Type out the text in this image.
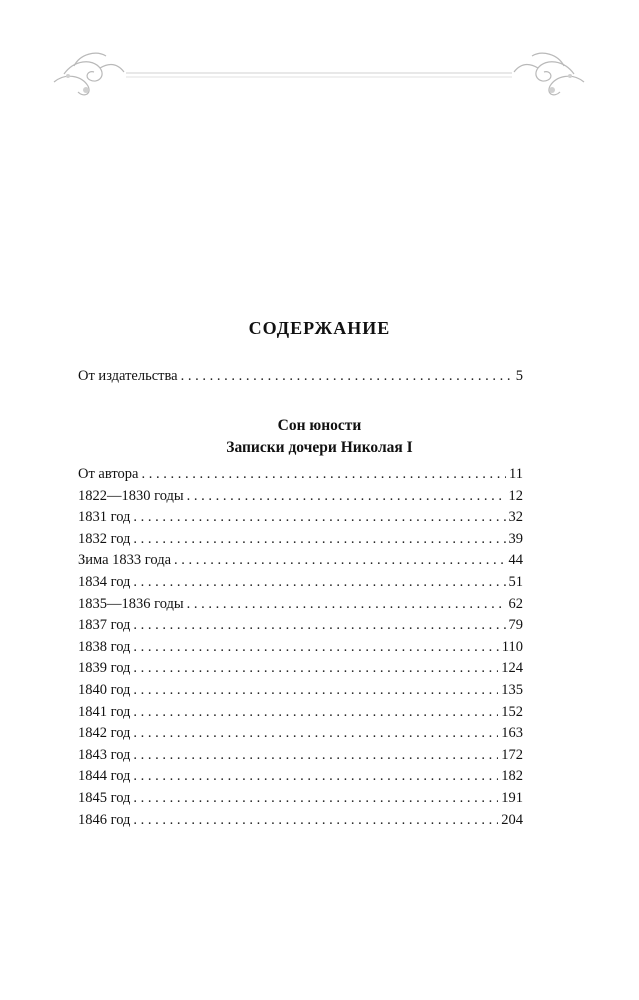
СОДЕРЖАНИЕ
От издательства . . .	5
Сон юности
Записки дочери Николая I
От автора . . .	11
1822—1830 годы . . .	12
1831 год . . .	32
1832 год . . .	39
Зима 1833 года . . .	44
1834 год . . .	51
1835—1836 годы . . .	62
1837 год . . .	79
1838 год . . .	110
1839 год . . .	124
1840 год . . .	135
1841 год . . .	152
1842 год . . .	163
1843 год . . .	172
1844 год . . .	182
1845 год . . .	191
1846 год . . .	204
